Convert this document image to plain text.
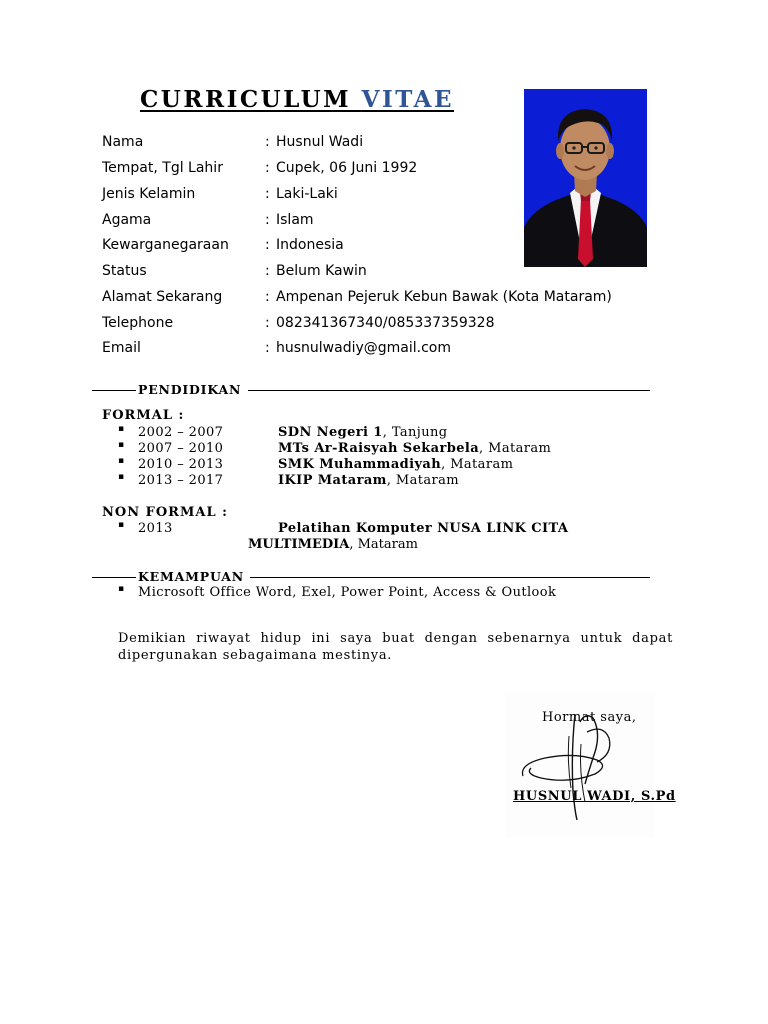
CURRICULUM VITAE
Nama	: Husnul Wadi
Tempat, Tgl Lahir	: Cupek, 06 Juni 1992
Jenis Kelamin	: Laki-Laki
Agama	: Islam
Kewarganegaraan	: Indonesia
Status	: Belum Kawin
Alamat Sekarang	: Ampenan Pejeruk Kebun Bawak (Kota Mataram)
Telephone	: 082341367340/085337359328
Email	: husnulwadiy@gmail.com
PENDIDIKAN
FORMAL :
▪ 2002 – 2007	SDN Negeri 1, Tanjung
▪ 2007 – 2010	MTs Ar-Raisyah Sekarbela, Mataram
▪ 2010 – 2013	SMK Muhammadiyah, Mataram
▪ 2013 – 2017	IKIP Mataram, Mataram
NON FORMAL :
▪ 2013	Pelatihan Komputer NUSA LINK CITA
MULTIMEDIA, Mataram
KEMAMPUAN
▪ Microsoft Office Word, Exel, Power Point, Access & Outlook
Demikian riwayat hidup ini saya buat dengan sebenarnya untuk dapat dipergunakan sebagaimana mestinya.
Hormat saya,
HUSNUL WADI, S.Pd
